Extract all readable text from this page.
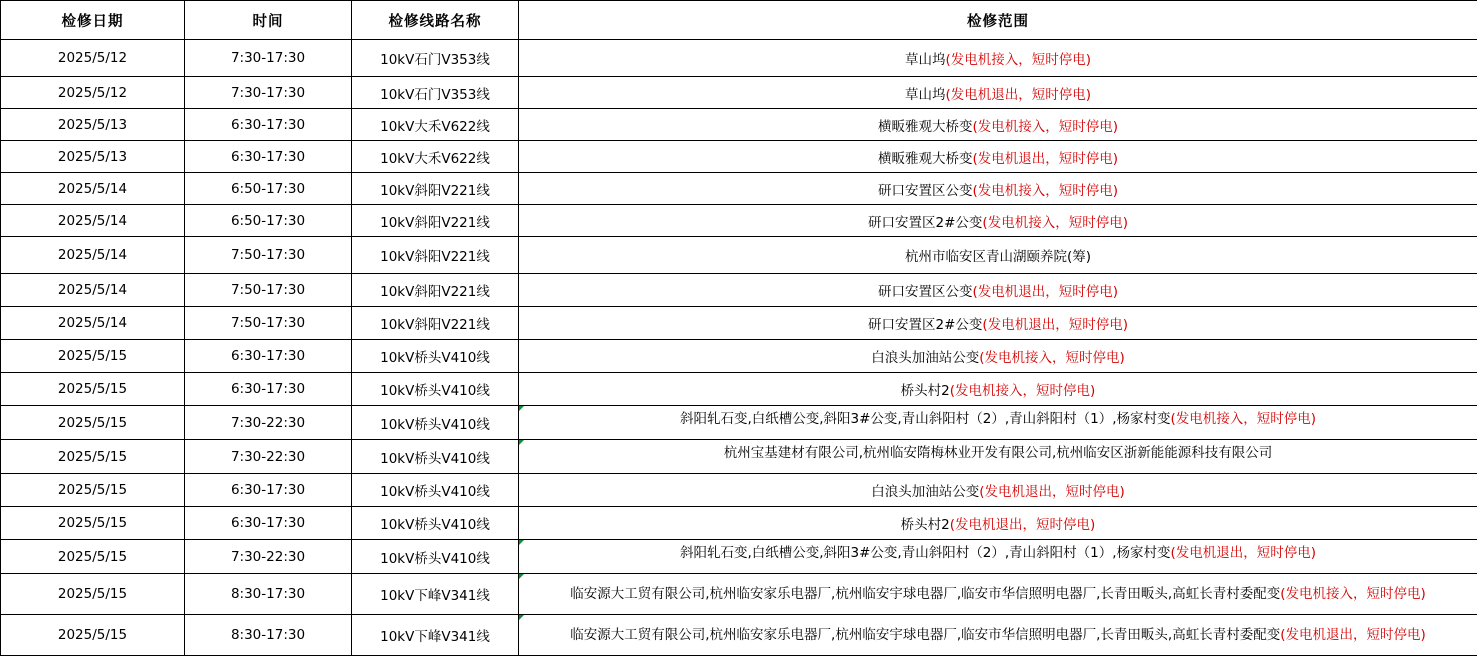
检修日期	时间	检修线路名称	检修范围
2025/5/12	7:30-17:30	10kV石门V353线	草山坞(发电机接入，短时停电)
2025/5/12	7:30-17:30	10kV石门V353线	草山坞(发电机退出，短时停电)
2025/5/13	6:30-17:30	10kV大禾V622线	横畈雅观大桥变(发电机接入，短时停电)
2025/5/13	6:30-17:30	10kV大禾V622线	横畈雅观大桥变(发电机退出，短时停电)
2025/5/14	6:50-17:30	10kV斜阳V221线	研口安置区公变(发电机接入，短时停电)
2025/5/14	6:50-17:30	10kV斜阳V221线	研口安置区2#公变(发电机接入，短时停电)
2025/5/14	7:50-17:30	10kV斜阳V221线	杭州市临安区青山湖颐养院(筹)
2025/5/14	7:50-17:30	10kV斜阳V221线	研口安置区公变(发电机退出，短时停电)
2025/5/14	7:50-17:30	10kV斜阳V221线	研口安置区2#公变(发电机退出，短时停电)
2025/5/15	6:30-17:30	10kV桥头V410线	白浪头加油站公变(发电机接入，短时停电)
2025/5/15	6:30-17:30	10kV桥头V410线	桥头村2(发电机接入，短时停电)
2025/5/15	7:30-22:30	10kV桥头V410线	斜阳轧石变,白纸槽公变,斜阳3#公变,青山斜阳村（2）,青山斜阳村（1）,杨家村变(发电机接入，短时停电)
2025/5/15	7:30-22:30	10kV桥头V410线	杭州宝基建材有限公司,杭州临安隋梅林业开发有限公司,杭州临安区浙新能能源科技有限公司
2025/5/15	6:30-17:30	10kV桥头V410线	白浪头加油站公变(发电机退出，短时停电)
2025/5/15	6:30-17:30	10kV桥头V410线	桥头村2(发电机退出，短时停电)
2025/5/15	7:30-22:30	10kV桥头V410线	斜阳轧石变,白纸槽公变,斜阳3#公变,青山斜阳村（2）,青山斜阳村（1）,杨家村变(发电机退出，短时停电)
2025/5/15	8:30-17:30	10kV下峰V341线	临安源大工贸有限公司,杭州临安家乐电器厂,杭州临安宇球电器厂,临安市华信照明电器厂,长青田畈头,高虹长青村委配变(发电机接入，短时停电)
2025/5/15	8:30-17:30	10kV下峰V341线	临安源大工贸有限公司,杭州临安家乐电器厂,杭州临安宇球电器厂,临安市华信照明电器厂,长青田畈头,高虹长青村委配变(发电机退出，短时停电)
